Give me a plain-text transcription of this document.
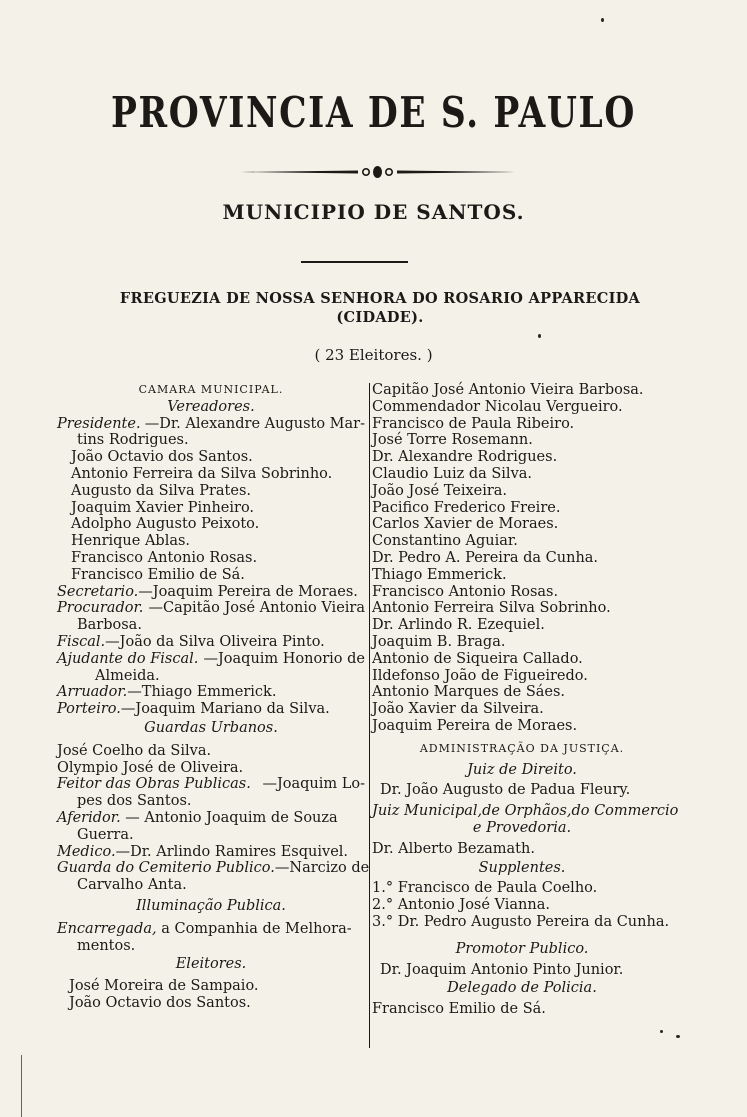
PROVINCIA DE S. PAULO
MUNICIPIO DE SANTOS.
FREGUEZIA DE NOSSA SENHORA DO ROSARIO APPARECIDA
(CIDADE).
( 23 Eleitores. )
CAMARA MUNICIPAL.
Vereadores.
Presidente. —Dr. Alexandre Augusto Mar-
tins Rodrigues.
João Octavio dos Santos.
Antonio Ferreira da Silva Sobrinho.
Augusto da Silva Prates.
Joaquim Xavier Pinheiro.
Adolpho Augusto Peixoto.
Henrique Ablas.
Francisco Antonio Rosas.
Francisco Emilio de Sá.
Secretario.—Joaquim Pereira de Moraes.
Procurador. —Capitão José Antonio Vieira
Barbosa.
Fiscal.—João da Silva Oliveira Pinto.
Ajudante do Fiscal. —Joaquim Honorio de
Almeida.
Arruador.—Thiago Emmerick.
Porteiro.—Joaquim Mariano da Silva.
Guardas Urbanos.
José Coelho da Silva.
Olympio José de Oliveira.
Feitor das Obras Publicas. —Joaquim Lo-
pes dos Santos.
Aferidor. — Antonio Joaquim de Souza
Guerra.
Medico.—Dr. Arlindo Ramires Esquivel.
Guarda do Cemiterio Publico. —Narcizo de
Carvalho Anta.
Illuminação Publica.
Encarregada, a Companhia de Melhora-
mentos.
Eleitores.
José Moreira de Sampaio.
João Octavio dos Santos.
Capitão José Antonio Vieira Barbosa.
Commendador Nicolau Vergueiro.
Francisco de Paula Ribeiro.
José Torre Rosemann.
Dr. Alexandre Rodrigues.
Claudio Luiz da Silva.
João José Teixeira.
Pacifico Frederico Freire.
Carlos Xavier de Moraes.
Constantino Aguiar.
Dr. Pedro A. Pereira da Cunha.
Thiago Emmerick.
Francisco Antonio Rosas.
Antonio Ferreira Silva Sobrinho.
Dr. Arlindo R. Ezequiel.
Joaquim B. Braga.
Antonio de Siqueira Callado.
Ildefonso João de Figueiredo.
Antonio Marques de Sáes.
João Xavier da Silveira.
Joaquim Pereira de Moraes.
ADMINISTRAÇÃO DA JUSTIÇA.
Juiz de Direito.
Dr. João Augusto de Padua Fleury.
Juiz Municipal,de Orphãos,do Commercio
e Provedoria.
Dr. Alberto Bezamath.
Supplentes.
1.° Francisco de Paula Coelho.
2.° Antonio José Vianna.
3.° Dr. Pedro Augusto Pereira da Cunha.
Promotor Publico.
Dr. Joaquim Antonio Pinto Junior.
Delegado de Policia.
Francisco Emilio de Sá.
